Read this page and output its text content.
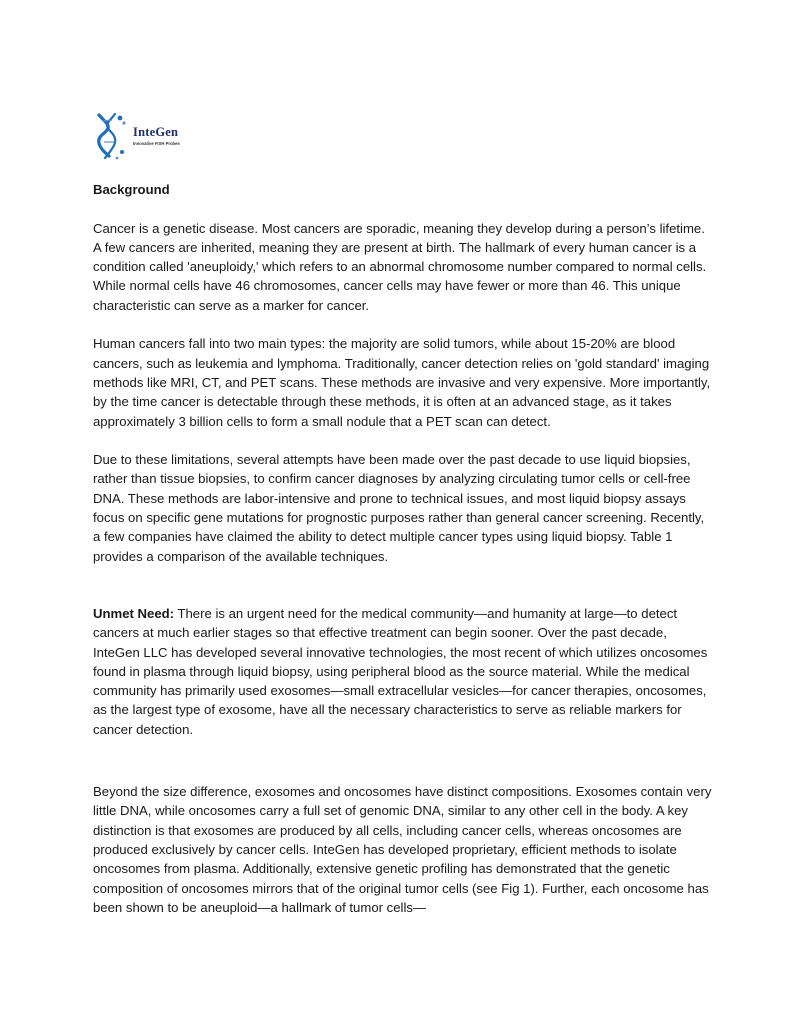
InteGen
Innovative FISH Probes
Background

Cancer is a genetic disease. Most cancers are sporadic, meaning they develop during a person’s lifetime. A few cancers are inherited, meaning they are present at birth. The hallmark of every human cancer is a condition called 'aneuploidy,' which refers to an abnormal chromosome number compared to normal cells. While normal cells have 46 chromosomes, cancer cells may have fewer or more than 46. This unique characteristic can serve as a marker for cancer.

Human cancers fall into two main types: the majority are solid tumors, while about 15-20% are blood cancers, such as leukemia and lymphoma. Traditionally, cancer detection relies on 'gold standard' imaging methods like MRI, CT, and PET scans. These methods are invasive and very expensive. More importantly, by the time cancer is detectable through these methods, it is often at an advanced stage, as it takes approximately 3 billion cells to form a small nodule that a PET scan can detect.

Due to these limitations, several attempts have been made over the past decade to use liquid biopsies, rather than tissue biopsies, to confirm cancer diagnoses by analyzing circulating tumor cells or cell-free DNA. These methods are labor-intensive and prone to technical issues, and most liquid biopsy assays focus on specific gene mutations for prognostic purposes rather than general cancer screening. Recently, a few companies have claimed the ability to detect multiple cancer types using liquid biopsy. Table 1 provides a comparison of the available techniques.

Unmet Need: There is an urgent need for the medical community—and humanity at large—to detect cancers at much earlier stages so that effective treatment can begin sooner. Over the past decade, InteGen LLC has developed several innovative technologies, the most recent of which utilizes oncosomes found in plasma through liquid biopsy, using peripheral blood as the source material. While the medical community has primarily used exosomes—small extracellular vesicles—for cancer therapies, oncosomes, as the largest type of exosome, have all the necessary characteristics to serve as reliable markers for cancer detection.

Beyond the size difference, exosomes and oncosomes have distinct compositions. Exosomes contain very little DNA, while oncosomes carry a full set of genomic DNA, similar to any other cell in the body. A key distinction is that exosomes are produced by all cells, including cancer cells, whereas oncosomes are produced exclusively by cancer cells. InteGen has developed proprietary, efficient methods to isolate oncosomes from plasma. Additionally, extensive genetic profiling has demonstrated that the genetic composition of oncosomes mirrors that of the original tumor cells (see Fig 1). Further, each oncosome has been shown to be aneuploid—a hallmark of tumor cells—
